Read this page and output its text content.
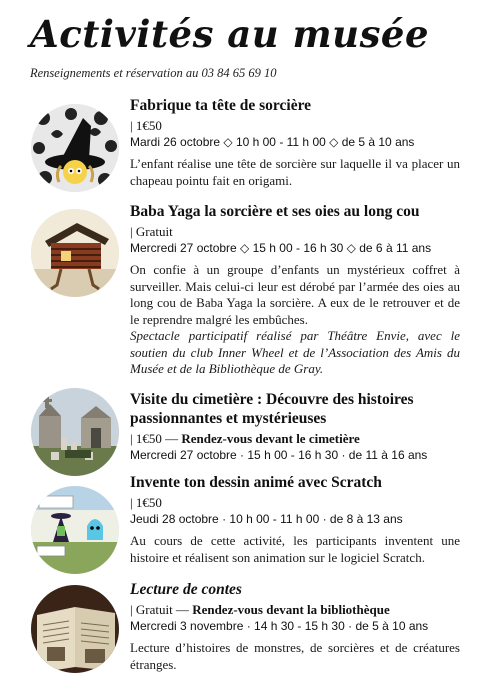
Activités au musée
Renseignements et réservation au 03 84 65 69 10
Fabrique ta tête de sorcière
| 1€50
Mardi 26 octobre ◇ 10 h 00 - 11 h 00 ◇ de 5 à 10 ans
L’enfant réalise une tête de sorcière sur laquelle il va placer un chapeau pointu fait en origami.
Baba Yaga la sorcière et ses oies au long cou
| Gratuit
Mercredi 27 octobre ◇ 15 h 00 - 16 h 30 ◇ de 6 à 11 ans
On confie à un groupe d’enfants un mystérieux coffret à surveiller. Mais celui-ci leur est dérobé par l’armée des oies au long cou de Baba Yaga la sorcière. A eux de le retrouver et de le reprendre malgré les embûches.
Spectacle participatif réalisé par Théâtre Envie, avec le soutien du club Inner Wheel et de l’Association des Amis du Musée et de la Bibliothèque de Gray.
Visite du cimetière : Découvre des histoires passionnantes et mystérieuses
| 1€50 — Rendez-vous devant le cimetière
Mercredi 27 octobre · 15 h 00 - 16 h 30 · de 11 à 16 ans
Invente ton dessin animé avec Scratch
| 1€50
Jeudi 28 octobre · 10 h 00 - 11 h 00 · de 8 à 13 ans
Au cours de cette activité, les participants inventent une histoire et réalisent son animation sur le logiciel Scratch.
Lecture de contes
| Gratuit — Rendez-vous devant la bibliothèque
Mercredi 3 novembre · 14 h 30 - 15 h 30 · de 5 à 10 ans
Lecture d’histoires de monstres, de sorcières et de créatures étranges.
